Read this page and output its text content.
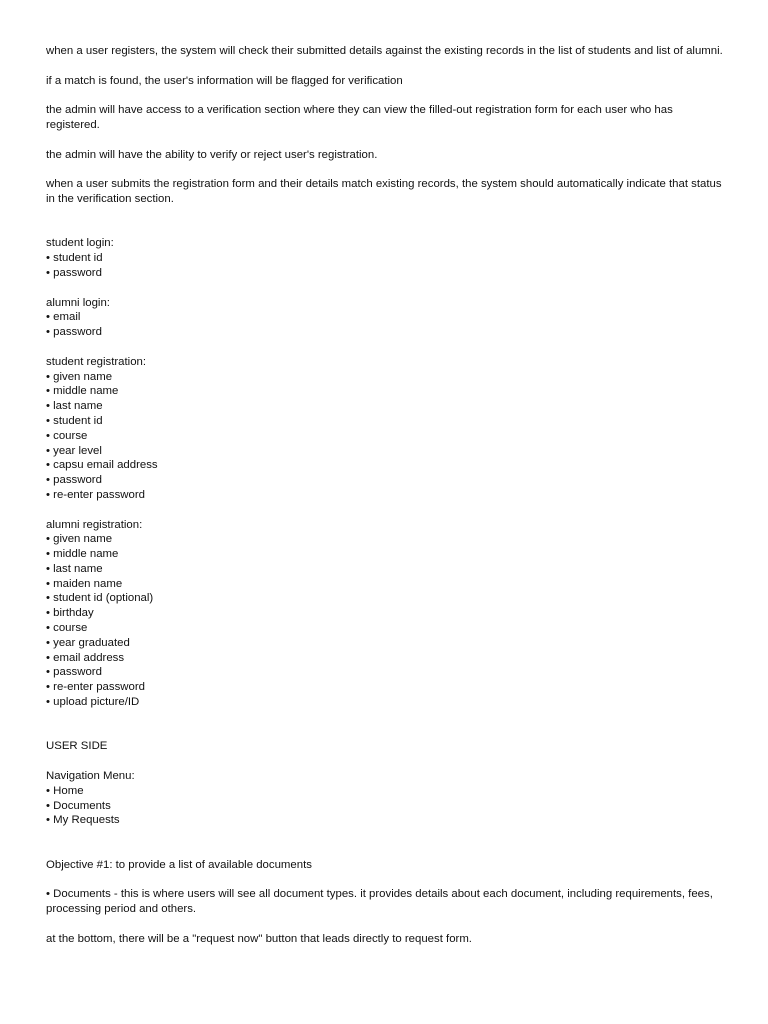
when a user registers, the system will check their submitted details against the existing records in the list of students and list of alumni.

if a match is found, the user's information will be flagged for verification

the admin will have access to a verification section where they can view the filled-out registration form for each user who has registered.

the admin will have the ability to verify or reject user's registration.

when a user submits the registration form and their details match existing records, the system should automatically indicate that status in the verification section.

student login:
• student id
• password
alumni login:
• email
• password
student registration:
• given name
• middle name
• last name
• student id
• course
• year level
• capsu email address
• password
• re-enter password
alumni registration:
• given name
• middle name
• last name
• maiden name
• student id (optional)
• birthday
• course
• year graduated
• email address
• password
• re-enter password
• upload picture/ID

USER SIDE

Navigation Menu:
• Home
• Documents
• My Requests

Objective #1: to provide a list of available documents

• Documents - this is where users will see all document types. it provides details about each document, including requirements, fees, processing period and others.

at the bottom, there will be a "request now" button that leads directly to request form.
